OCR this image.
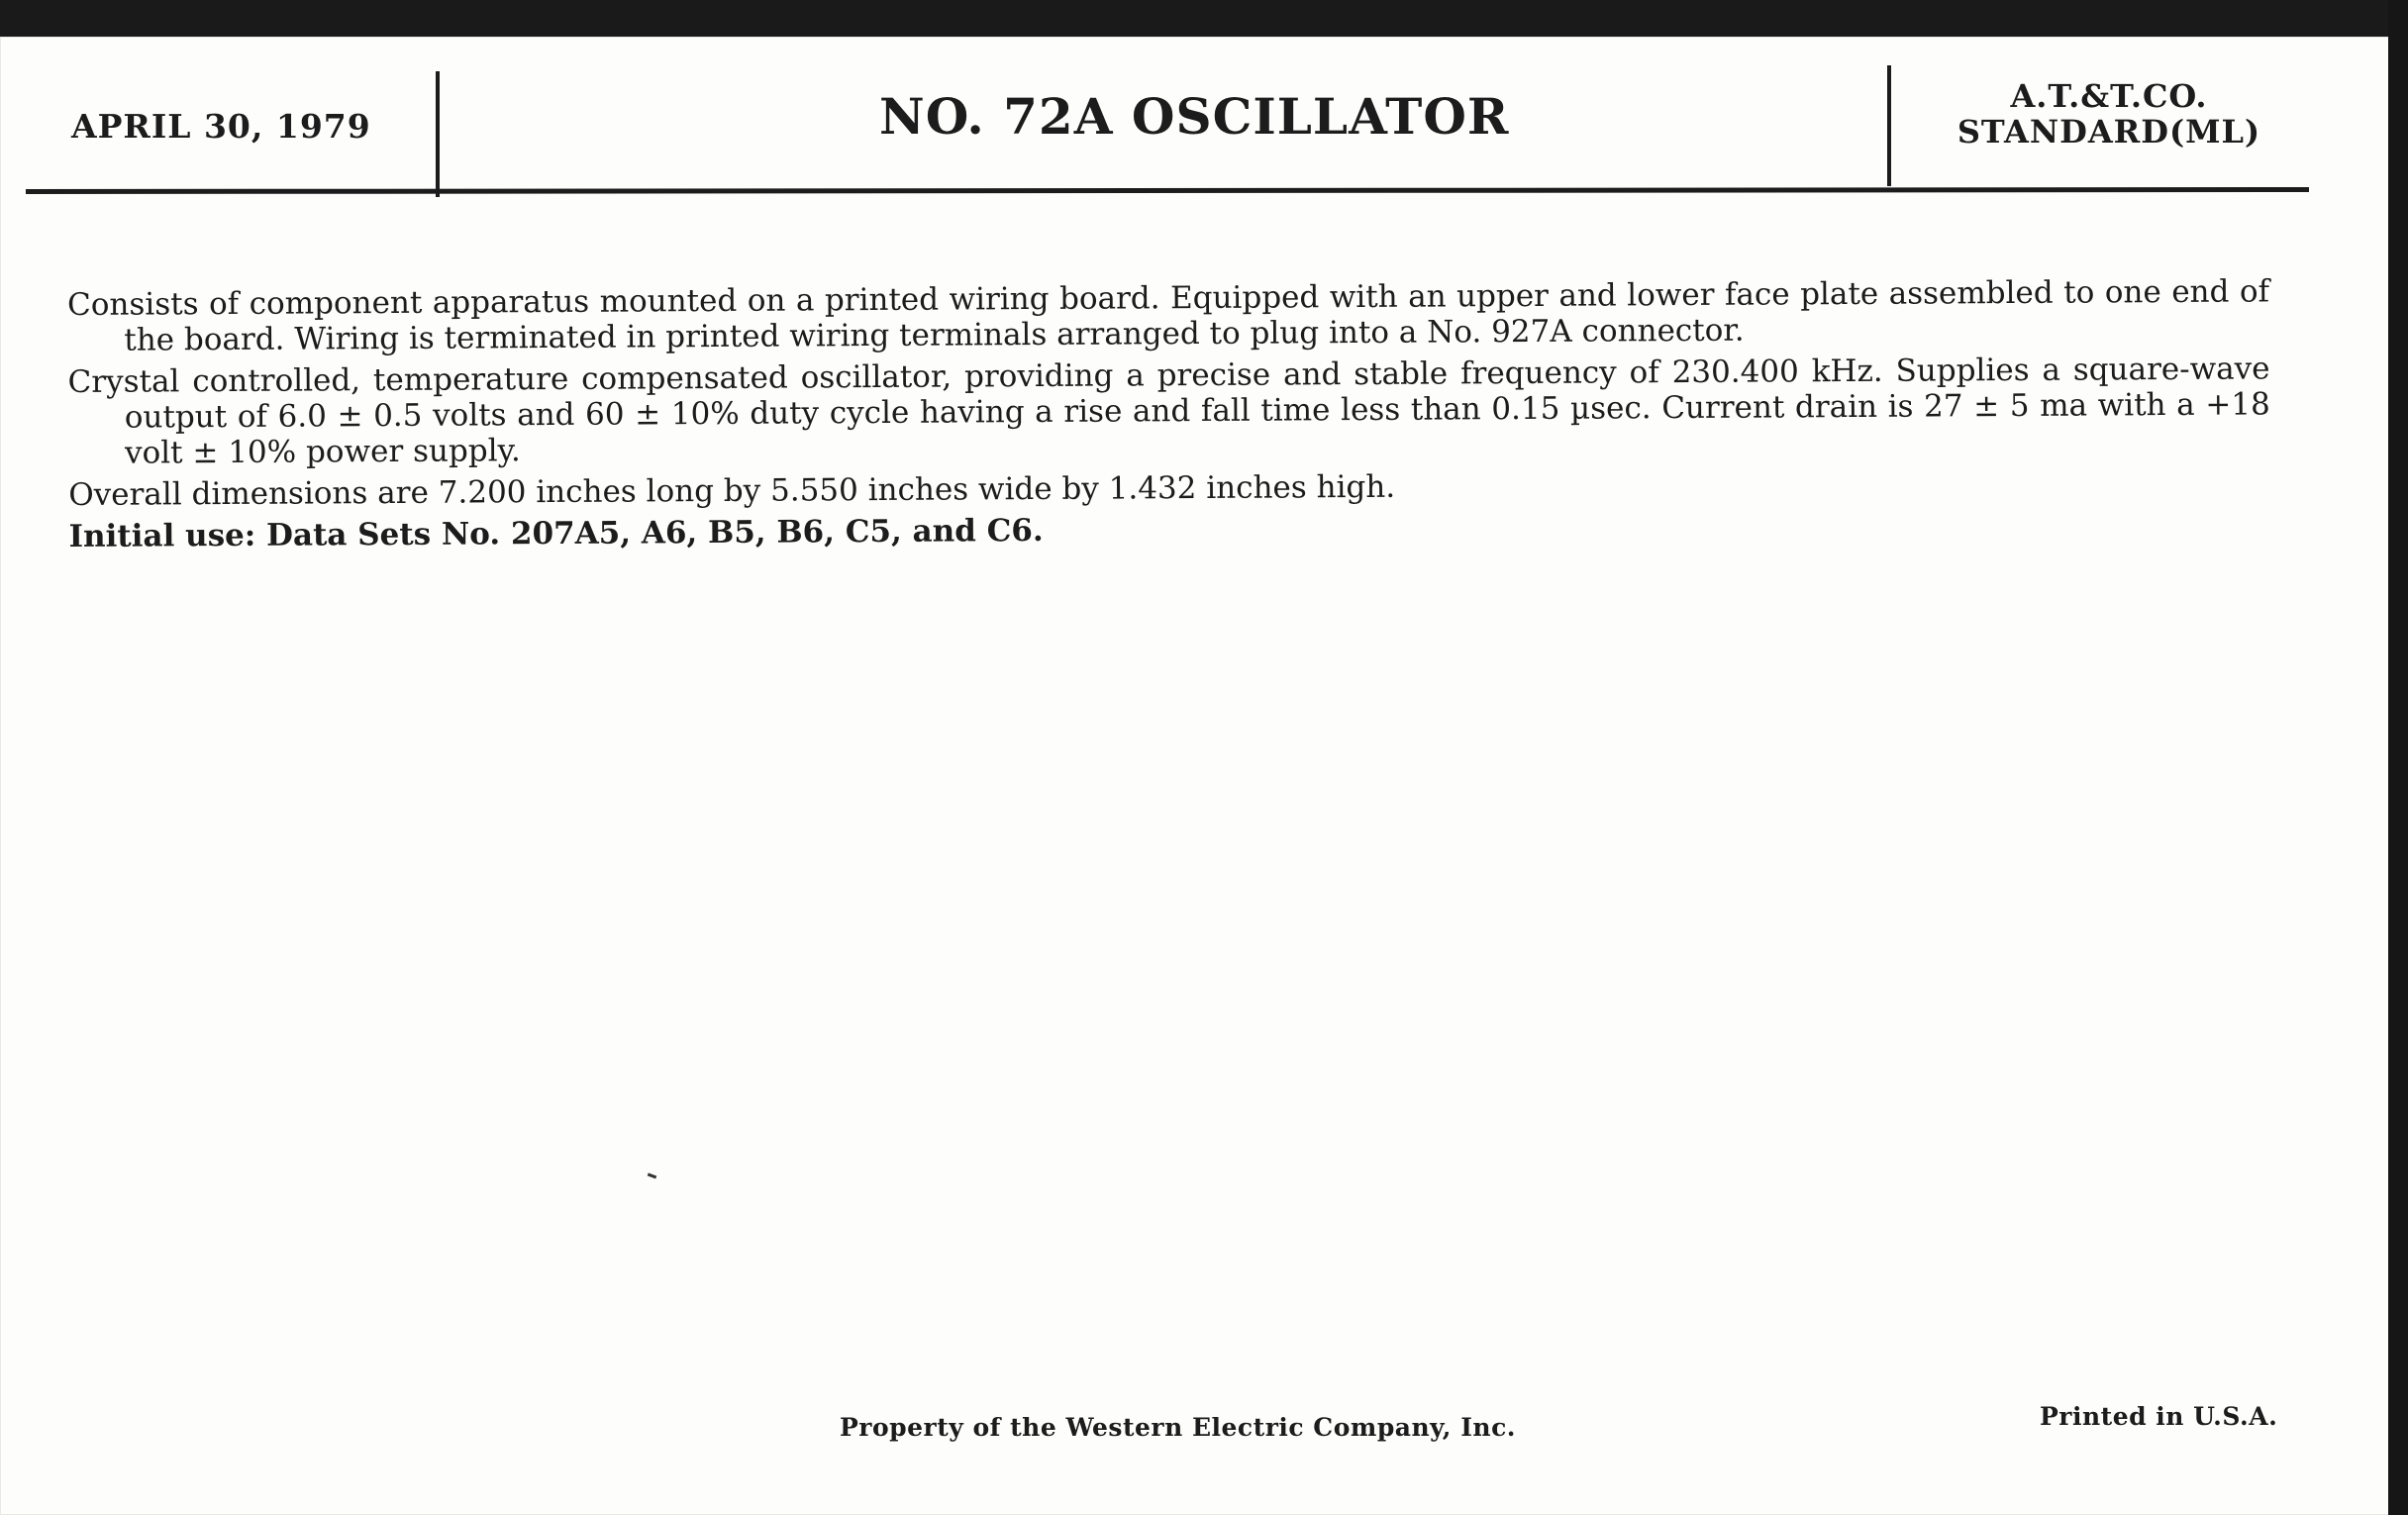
APRIL 30, 1979	NO. 72A OSCILLATOR	A.T.&T.CO.
STANDARD(ML)

Consists of component apparatus mounted on a printed wiring board. Equipped with an upper and lower face plate assembled to one end of the board. Wiring is terminated in printed wiring terminals arranged to plug into a No. 927A connector.

Crystal controlled, temperature compensated oscillator, providing a precise and stable frequency of 230.400 kHz. Supplies a square-wave output of 6.0 ± 0.5 volts and 60 ± 10% duty cycle having a rise and fall time less than 0.15 µsec. Current drain is 27 ± 5 ma with a +18 volt ± 10% power supply.

Overall dimensions are 7.200 inches long by 5.550 inches wide by 1.432 inches high.

Initial use: Data Sets No. 207A5, A6, B5, B6, C5, and C6.

Property of the Western Electric Company, Inc.	Printed in U.S.A.
